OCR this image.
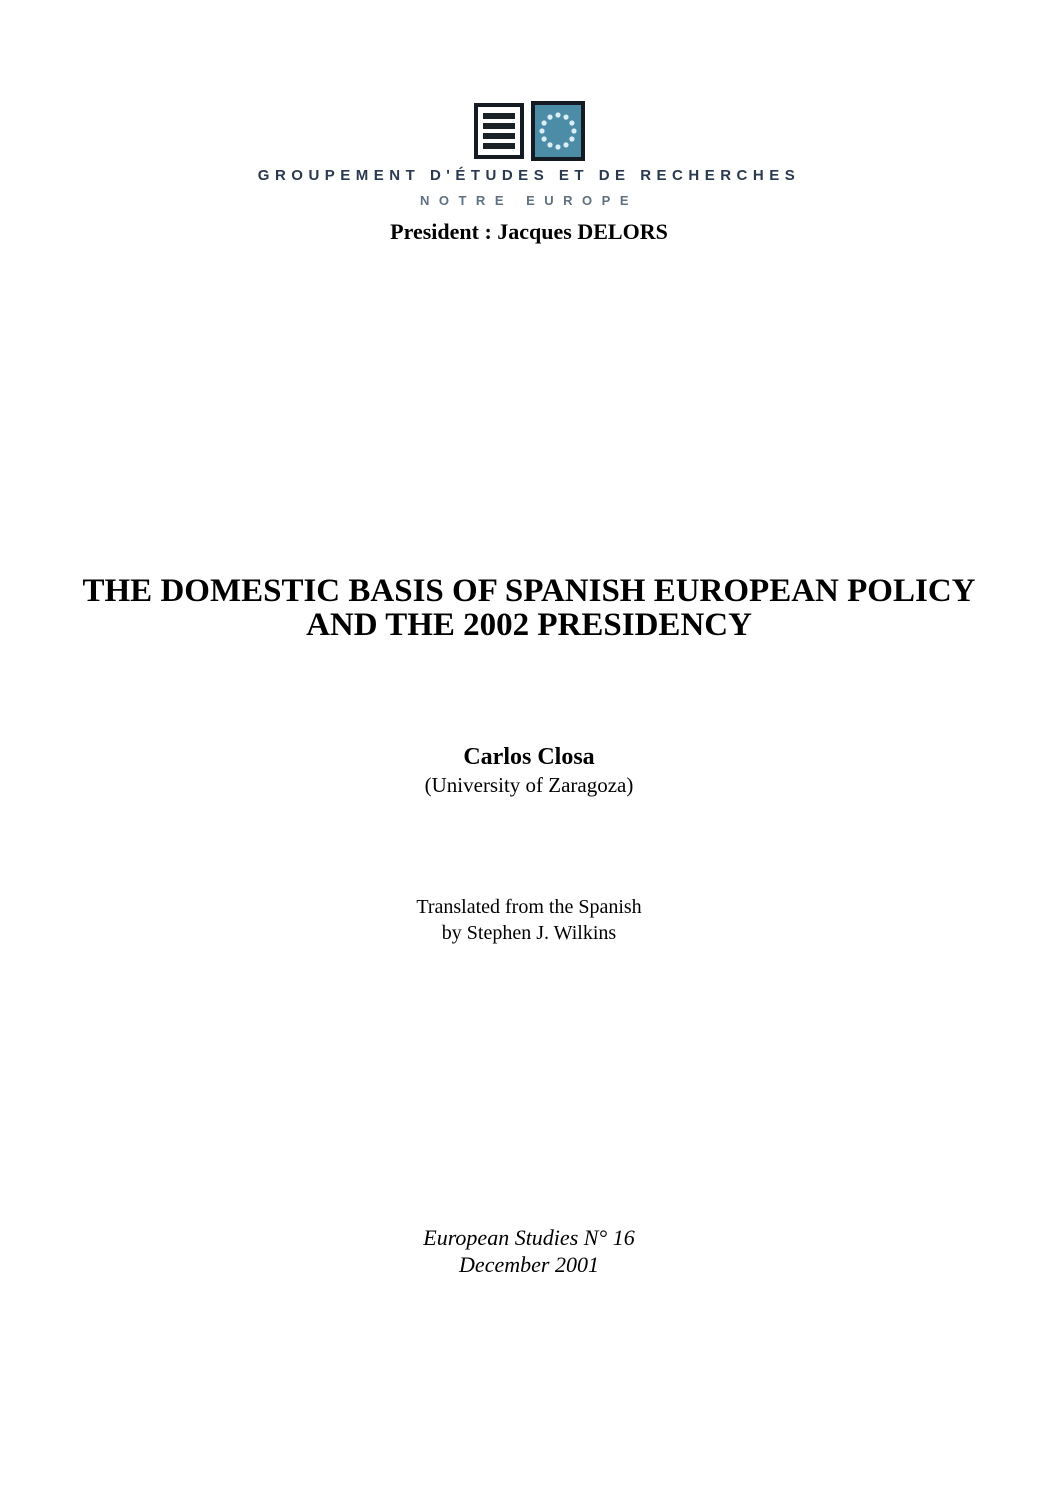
GROUPEMENT D'ÉTUDES ET DE RECHERCHES
NOTRE EUROPE
President : Jacques DELORS
THE DOMESTIC BASIS OF SPANISH EUROPEAN POLICY
AND THE 2002 PRESIDENCY
Carlos Closa
(University of Zaragoza)
Translated from the Spanish
by Stephen J. Wilkins
European Studies N° 16
December 2001
